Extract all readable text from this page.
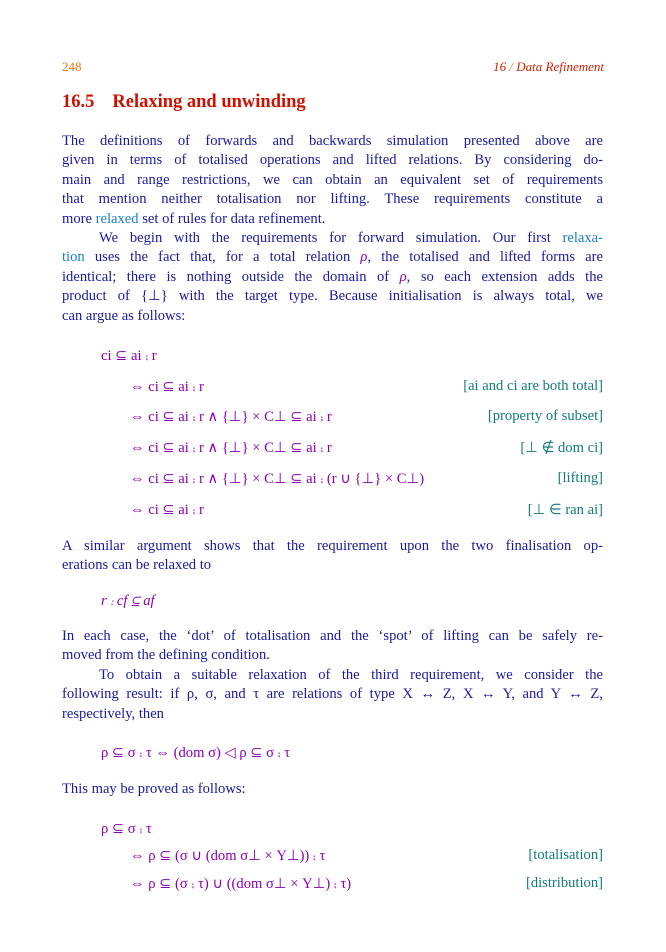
248	16 / Data Refinement
16.5 Relaxing and unwinding
The definitions of forwards and backwards simulation presented above are
given in terms of totalised operations and lifted relations. By considering do-
main and range restrictions, we can obtain an equivalent set of requirements
that mention neither totalisation nor lifting. These requirements constitute a
more relaxed set of rules for data refinement.
We begin with the requirements for forward simulation. Our first relaxa-
tion uses the fact that, for a total relation ρ, the totalised and lifted forms are
identical; there is nothing outside the domain of ρ, so each extension adds the
product of {⊥} with the target type. Because initialisation is always total, we
can argue as follows:
ci ⊆ ai ⨾ r
⇔ ci ⊆ ai ⨾ r	[ai and ci are both total]
⇔ ci ⊆ ai ⨾ r ∧ {⊥} × C⊥ ⊆ ai ⨾ r	[property of subset]
⇔ ci ⊆ ai ⨾ r ∧ {⊥} × C⊥ ⊆ ai ⨾ r	[⊥ ∉ dom ci]
⇔ ci ⊆ ai ⨾ r ∧ {⊥} × C⊥ ⊆ ai ⨾ (r ∪ {⊥} × C⊥)	[lifting]
⇔ ci ⊆ ai ⨾ r	[⊥ ∈ ran ai]
A similar argument shows that the requirement upon the two finalisation op-
erations can be relaxed to
r ⨾ cf ⊆ af
In each case, the ‘dot’ of totalisation and the ‘spot’ of lifting can be safely re-
moved from the defining condition.
To obtain a suitable relaxation of the third requirement, we consider the
following result: if ρ, σ, and τ are relations of type X ↔ Z, X ↔ Y, and Y ↔ Z,
respectively, then
ρ ⊆ σ ⨾ τ ⇔ (dom σ) ◁ ρ ⊆ σ ⨾ τ
This may be proved as follows:
ρ ⊆ σ ⨾ τ
⇔ ρ ⊆ (σ ∪ (dom σ⊥ × Y⊥)) ⨾ τ	[totalisation]
⇔ ρ ⊆ (σ ⨾ τ) ∪ ((dom σ⊥ × Y⊥) ⨾ τ)	[distribution]
